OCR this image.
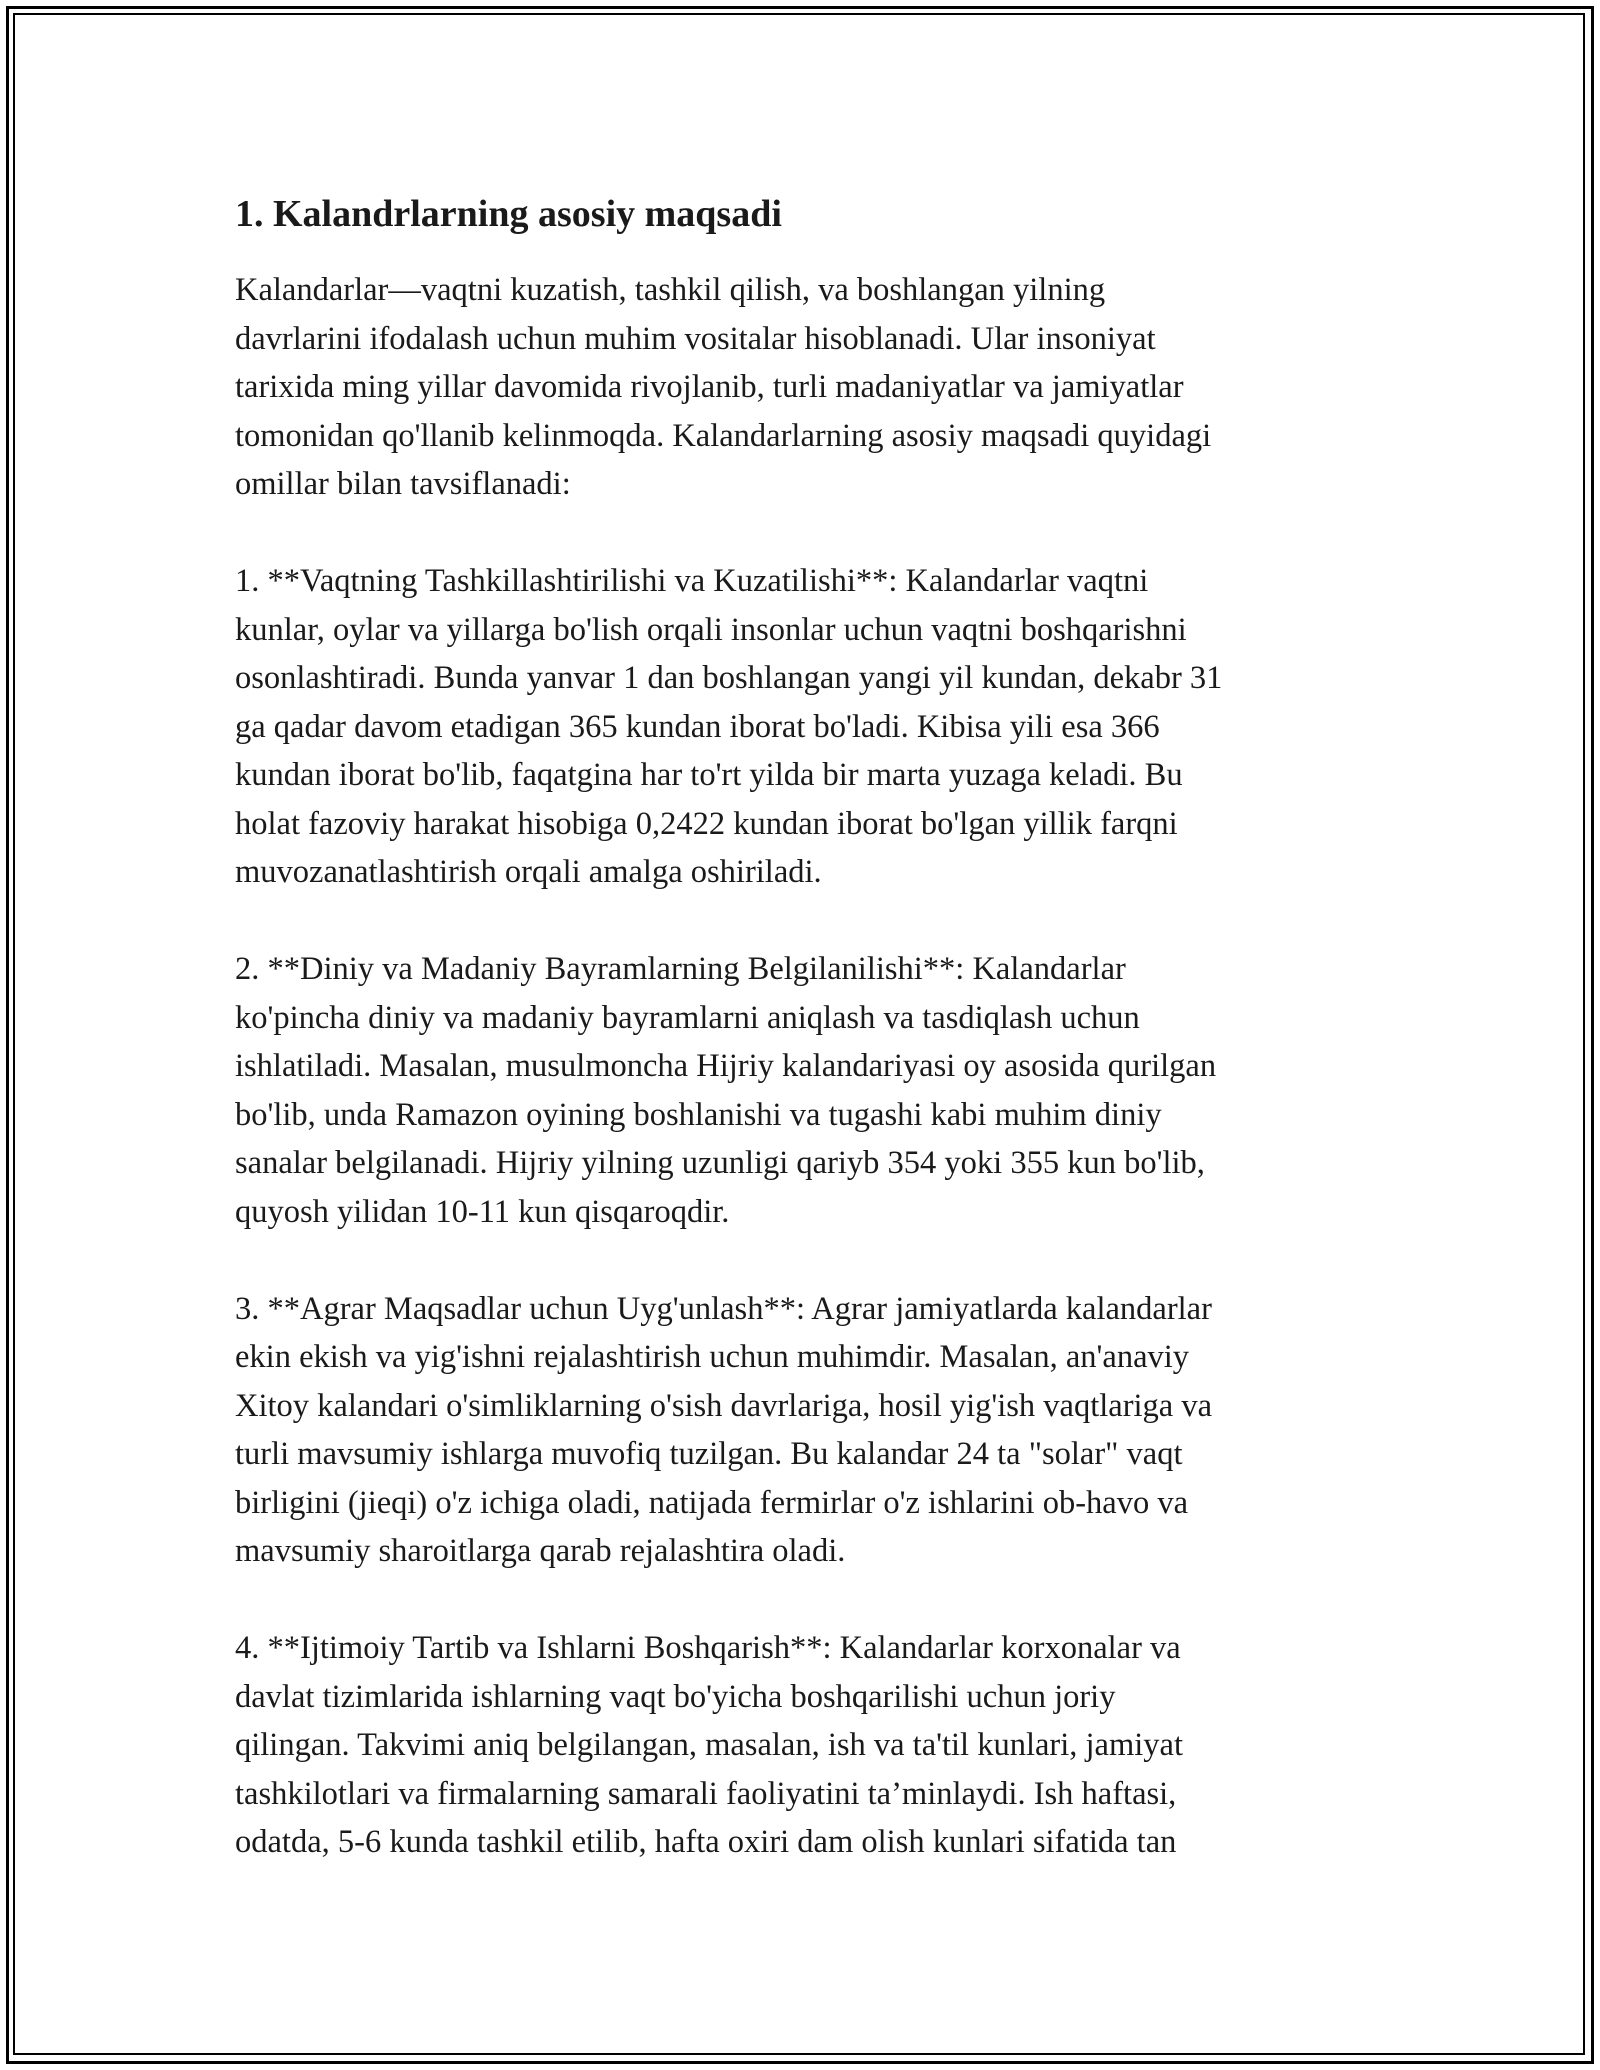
1. Kalandrlarning asosiy maqsadi

Kalandarlar—vaqtni kuzatish, tashkil qilish, va boshlangan yilning
davrlarini ifodalash uchun muhim vositalar hisoblanadi. Ular insoniyat
tarixida ming yillar davomida rivojlanib, turli madaniyatlar va jamiyatlar
tomonidan qo'llanib kelinmoqda. Kalandarlarning asosiy maqsadi quyidagi
omillar bilan tavsiflanadi:

1. **Vaqtning Tashkillashtirilishi va Kuzatilishi**: Kalandarlar vaqtni
kunlar, oylar va yillarga bo'lish orqali insonlar uchun vaqtni boshqarishni
osonlashtiradi. Bunda yanvar 1 dan boshlangan yangi yil kundan, dekabr 31
ga qadar davom etadigan 365 kundan iborat bo'ladi. Kibisa yili esa 366
kundan iborat bo'lib, faqatgina har to'rt yilda bir marta yuzaga keladi. Bu
holat fazoviy harakat hisobiga 0,2422 kundan iborat bo'lgan yillik farqni
muvozanatlashtirish orqali amalga oshiriladi.

2. **Diniy va Madaniy Bayramlarning Belgilanilishi**: Kalandarlar
ko'pincha diniy va madaniy bayramlarni aniqlash va tasdiqlash uchun
ishlatiladi. Masalan, musulmoncha Hijriy kalandariyasi oy asosida qurilgan
bo'lib, unda Ramazon oyining boshlanishi va tugashi kabi muhim diniy
sanalar belgilanadi. Hijriy yilning uzunligi qariyb 354 yoki 355 kun bo'lib,
quyosh yilidan 10-11 kun qisqaroqdir.

3. **Agrar Maqsadlar uchun Uyg'unlash**: Agrar jamiyatlarda kalandarlar
ekin ekish va yig'ishni rejalashtirish uchun muhimdir. Masalan, an'anaviy
Xitoy kalandari o'simliklarning o'sish davrlariga, hosil yig'ish vaqtlariga va
turli mavsumiy ishlarga muvofiq tuzilgan. Bu kalandar 24 ta "solar" vaqt
birligini (jieqi) o'z ichiga oladi, natijada fermirlar o'z ishlarini ob-havo va
mavsumiy sharoitlarga qarab rejalashtira oladi.

4. **Ijtimoiy Tartib va Ishlarni Boshqarish**: Kalandarlar korxonalar va
davlat tizimlarida ishlarning vaqt bo'yicha boshqarilishi uchun joriy
qilingan. Takvimi aniq belgilangan, masalan, ish va ta'til kunlari, jamiyat
tashkilotlari va firmalarning samarali faoliyatini ta’minlaydi. Ish haftasi,
odatda, 5-6 kunda tashkil etilib, hafta oxiri dam olish kunlari sifatida tan
